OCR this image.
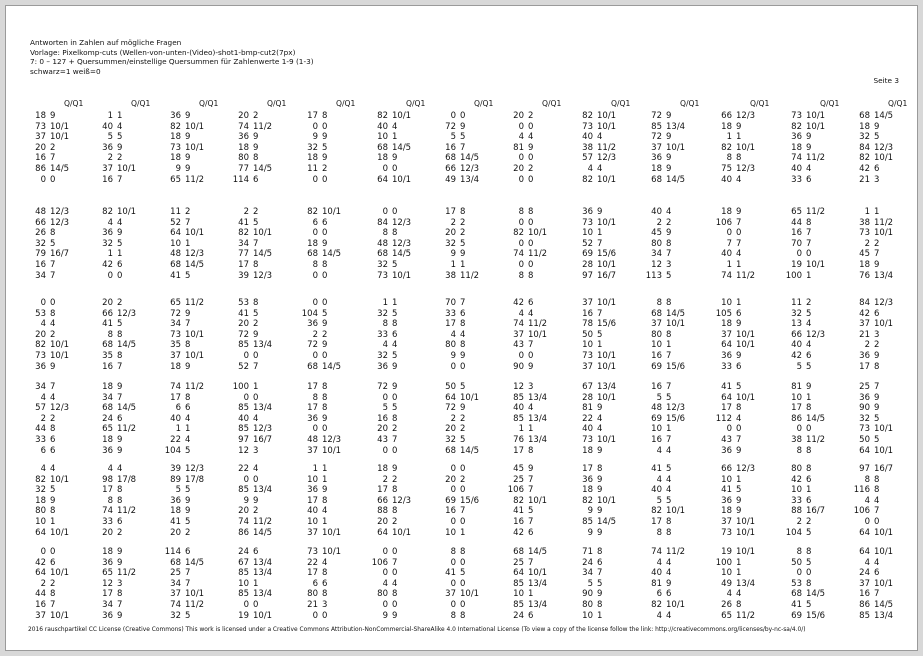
Antworten in Zahlen auf mögliche Fragen
Vorlage: Pixelkomp-cuts (Wellen-von-unten-(Video)-shot1-bmp-cut2(7px)
7: 0 – 127 + Quersummen/einstellige Quersummen für Zahlenwerte 1-9 (1-3)
schwarz=1 weiß=0
Seite 3
Q/Q1
18 9
73 10/1
37 10/1
20 2
16 7
86 14/5
0 0
Q/Q1
1 1
40 4
5 5
36 9
2 2
37 10/1
16 7
Q/Q1
36 9
82 10/1
18 9
73 10/1
18 9
9 9
65 11/2
Q/Q1
20 2
74 11/2
36 9
18 9
80 8
77 14/5
114 6
Q/Q1
17 8
0 0
9 9
32 5
18 9
11 2
0 0
Q/Q1
82 10/1
40 4
10 1
68 14/5
18 9
0 0
64 10/1
Q/Q1
0 0
72 9
5 5
16 7
68 14/5
66 12/3
49 13/4
Q/Q1
20 2
0 0
4 4
81 9
0 0
20 2
0 0
Q/Q1
82 10/1
73 10/1
40 4
38 11/2
57 12/3
4 4
82 10/1
Q/Q1
72 9
85 13/4
72 9
37 10/1
36 9
18 9
68 14/5
Q/Q1
66 12/3
18 9
1 1
82 10/1
8 8
75 12/3
40 4
Q/Q1
73 10/1
82 10/1
36 9
18 9
74 11/2
40 4
33 6
Q/Q1
68 14/5
18 9
32 5
84 12/3
82 10/1
42 6
21 3
48 12/3
66 12/3
26 8
32 5
79 16/7
16 7
34 7
82 10/1
4 4
36 9
32 5
1 1
42 6
0 0
11 2
52 7
64 10/1
10 1
48 12/3
68 14/5
41 5
2 2
41 5
82 10/1
34 7
77 14/5
17 8
39 12/3
82 10/1
6 6
0 0
18 9
68 14/5
8 8
0 0
0 0
84 12/3
8 8
48 12/3
68 14/5
32 5
73 10/1
17 8
2 2
20 2
32 5
9 9
1 1
38 11/2
8 8
0 0
82 10/1
0 0
74 11/2
0 0
8 8
36 9
73 10/1
10 1
52 7
69 15/6
28 10/1
97 16/7
40 4
2 2
45 9
80 8
34 7
12 3
113 5
18 9
106 7
0 0
7 7
40 4
1 1
74 11/2
65 11/2
44 8
16 7
70 7
0 0
19 10/1
100 1
1 1
38 11/2
73 10/1
2 2
45 7
18 9
76 13/4
0 0
53 8
4 4
20 2
82 10/1
73 10/1
36 9
20 2
66 12/3
41 5
8 8
68 14/5
35 8
16 7
65 11/2
72 9
34 7
73 10/1
35 8
37 10/1
18 9
53 8
41 5
20 2
72 9
85 13/4
0 0
52 7
0 0
104 5
36 9
2 2
72 9
0 0
68 14/5
1 1
32 5
8 8
33 6
4 4
32 5
36 9
70 7
33 6
17 8
4 4
80 8
9 9
0 0
42 6
4 4
74 11/2
37 10/1
43 7
0 0
90 9
37 10/1
16 7
78 15/6
50 5
10 1
73 10/1
37 10/1
8 8
68 14/5
37 10/1
80 8
10 1
16 7
69 15/6
10 1
105 6
18 9
37 10/1
64 10/1
36 9
33 6
11 2
32 5
13 4
66 12/3
40 4
42 6
5 5
84 12/3
42 6
37 10/1
21 3
2 2
36 9
17 8
34 7
4 4
57 12/3
2 2
44 8
33 6
6 6
18 9
34 7
68 14/5
24 6
65 11/2
18 9
36 9
74 11/2
17 8
6 6
40 4
1 1
22 4
104 5
100 1
0 0
85 13/4
40 4
85 12/3
97 16/7
12 3
17 8
8 8
17 8
36 9
0 0
48 12/3
37 10/1
72 9
0 0
5 5
16 8
20 2
43 7
0 0
50 5
64 10/1
72 9
2 2
20 2
32 5
68 14/5
12 3
85 13/4
40 4
85 13/4
1 1
76 13/4
17 8
67 13/4
28 10/1
81 9
22 4
40 4
73 10/1
18 9
16 7
5 5
48 12/3
69 15/6
10 1
16 7
4 4
41 5
64 10/1
17 8
112 4
0 0
43 7
36 9
81 9
10 1
17 8
86 14/5
0 0
38 11/2
8 8
25 7
36 9
90 9
32 5
73 10/1
50 5
64 10/1
4 4
82 10/1
32 5
18 9
80 8
10 1
64 10/1
4 4
98 17/8
17 8
8 8
74 11/2
33 6
20 2
39 12/3
89 17/8
5 5
36 9
18 9
41 5
20 2
22 4
0 0
85 13/4
9 9
20 2
74 11/2
86 14/5
1 1
10 1
36 9
17 8
40 4
10 1
37 10/1
18 9
2 2
17 8
66 12/3
88 8
20 2
64 10/1
0 0
20 2
0 0
69 15/6
16 7
0 0
10 1
45 9
25 7
106 7
82 10/1
41 5
16 7
42 6
17 8
36 9
18 9
82 10/1
9 9
85 14/5
9 9
41 5
4 4
40 4
5 5
82 10/1
17 8
8 8
66 12/3
10 1
41 5
36 9
18 9
37 10/1
73 10/1
80 8
42 6
10 1
33 6
88 16/7
2 2
104 5
97 16/7
8 8
116 8
4 4
106 7
0 0
64 10/1
0 0
42 6
64 10/1
2 2
44 8
16 7
37 10/1
18 9
36 9
65 11/2
12 3
17 8
34 7
36 9
114 6
68 14/5
25 7
34 7
37 10/1
74 11/2
32 5
24 6
67 13/4
85 13/4
10 1
85 13/4
0 0
19 10/1
73 10/1
22 4
17 8
6 6
80 8
21 3
0 0
0 0
106 7
0 0
4 4
80 8
0 0
9 9
8 8
0 0
41 5
0 0
37 10/1
0 0
8 8
68 14/5
25 7
64 10/1
85 13/4
10 1
85 13/4
24 6
71 8
24 6
34 7
5 5
90 9
80 8
10 1
74 11/2
4 4
40 4
81 9
6 6
82 10/1
4 4
19 10/1
100 1
10 1
49 13/4
4 4
26 8
65 11/2
8 8
50 5
0 0
53 8
68 14/5
41 5
69 15/6
64 10/1
4 4
24 6
37 10/1
16 7
86 14/5
85 13/4
2016 rauschpartikel CC License (Creative Commons) This work is licensed under a Creative Commons Attribution-NonCommercial-ShareAlike 4.0 International License (To view a copy of the license follow the link: http://creativecommons.org/licenses/by-nc-sa/4.0/)
